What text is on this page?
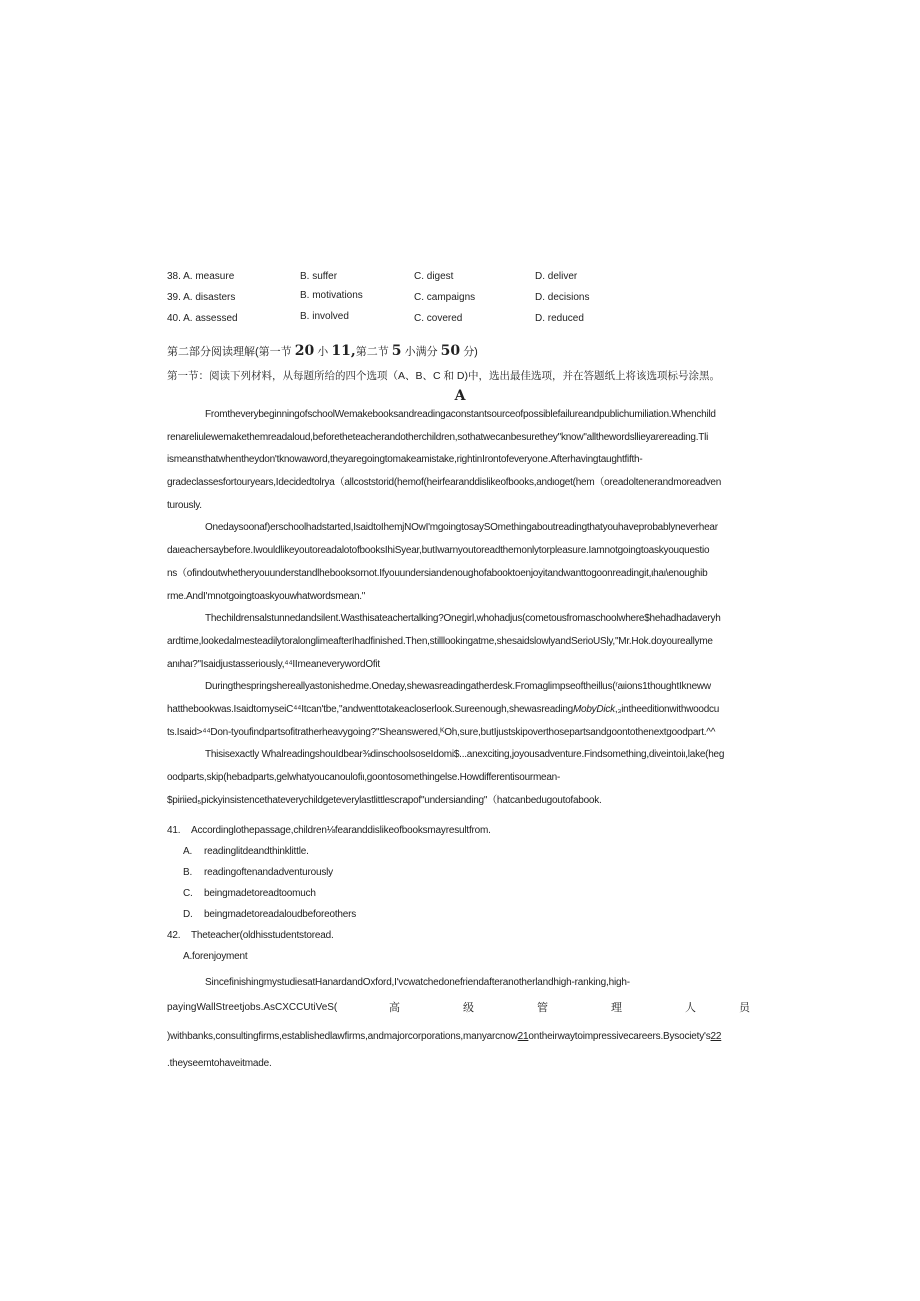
38. A. measure	B. suffer	C. digest	D. deliver
39. A. disasters	B. motivations	C. campaigns	D. decisions
40. A. assessed	B. involved	C. covered	D. reduced
第二部分阅读理解(第一节 20 小 11,第二节 5 小满分 50 分)
第一节：阅读下列材料，从每题所给的四个选项（A、B、C 和 D)中，选出最佳选项，并在答题纸上将该选项标号涂黑。
A
FromtheverybeginningofschoolWemakebooksandreadingaconstantsourceofpossiblefailureandpublichumiliation.Whenchild
renareliulewemakethemreadaloud,beforetheteacherandotherchildren,sothatwecanbesurethey"know"allthewordsllieyarereading.Tli
ismeansthatwhentheydon'tknowaword,theyaregoingtomakeamistake,rightinIrontofeveryone.Afterhavingtaughtfifth-
gradeclassesfortouryears,Idecidedtolrya（allcoststorid(hemof(heirfearanddislikeofbooks,andιoget(hem（oreadoltenerandmoreadven
turously.
Onedaysoonaf)erschoolhadstarted,IsaidtoIhemjNOwI'mgoingtosaySOmethingaboutreadingthatyouhaveprobablyneverhear
daιeachersaybefore.IwouldlikeyoutoreadalotofbooksIhiSyear,butIwarnyoutoreadthemonlytorpleasure.Iamnotgoingtoaskyouquestio
ns（ofindoutwhetheryouunderstandlhebooksornot.Ifyouundersiandenoughofabooktoenjoyitandwanttogoonreadingit,ιhaι\enoughib
rme.AndI'mnotgoingtoaskyouwhatwordsmean."
Thechildrensalstunnedandsilent.Wasthisateachertalking?Onegirl,whohadjus(cometousfromaschoolwhere$hehadhadaveryh
ardtime,lookedalmesteadilytoralonglimeafterIhadfinished.Then,stilllookingatme,shesaidslowlyandSerioUSly,"Mr.Hok.doyoureallyme
anιhaι?"Isaidjustasseriously,⁴⁴IImeaneverywordOfit
Duringthespringshereallyastonishedme.Oneday,shewasreadingatherdesk.Fromaglimpseoftheillus(ʳaιions1thoughtIkneww
hatthebookwas.IsaidtomyseiC⁴⁴Itcan'tbe,"andwenttotakeacloserlook.Sureenough,shewasreadingMobyDick,₃intheeditionwithwoodcu
ts.Isaid>⁴⁴Don-tyoufindpartsofitratherheavygoing?"Sheanswered,ᴷOh,sure,butIjustskipoverthosepartsandgoontothenextgoodpart.^^
Thisisexactly WhalreadingshouIdbear⅜dinschoolsoseIdomi$...anexciting,joyousadventure.Findsomething,diveintoiι,lake(heg
oodparts,skip(hebadparts,gelwhatyoucanoulofiι,goontosomethingelse.Howdifferentisourmean-
$piriied₅pickyinsistencethateverychildgeteverylastlittlescrapof"undersianding"（hatcanbedugoutofabook.
41. Accordinglothepassage,children⅛fearanddislikeofbooksmayresultfrom.
A. readinglitdeandthinklittle.
B. readingoftenandadventurously
C. beingmadetoreadtoomuch
D. beingmadetoreadaloudbeforeothers
42. Theteacher(oldhisstudentstoread.
A.forenjoyment
SincefinishingmystudiesatHanardandOxford,I'vcwatchedonefriendafteranotherlandhigh-ranking,high-
payingWallStreetjobs.AsCXCCUtiVeS(	高	级	管	理	人	员
)withbanks,consultingfirms,establishedlawfirms,andmajorcorporations,manyarcnow21ontheirwaytoimpressivecareers.Bysociety's22
.theyseemtohaveitmade.
